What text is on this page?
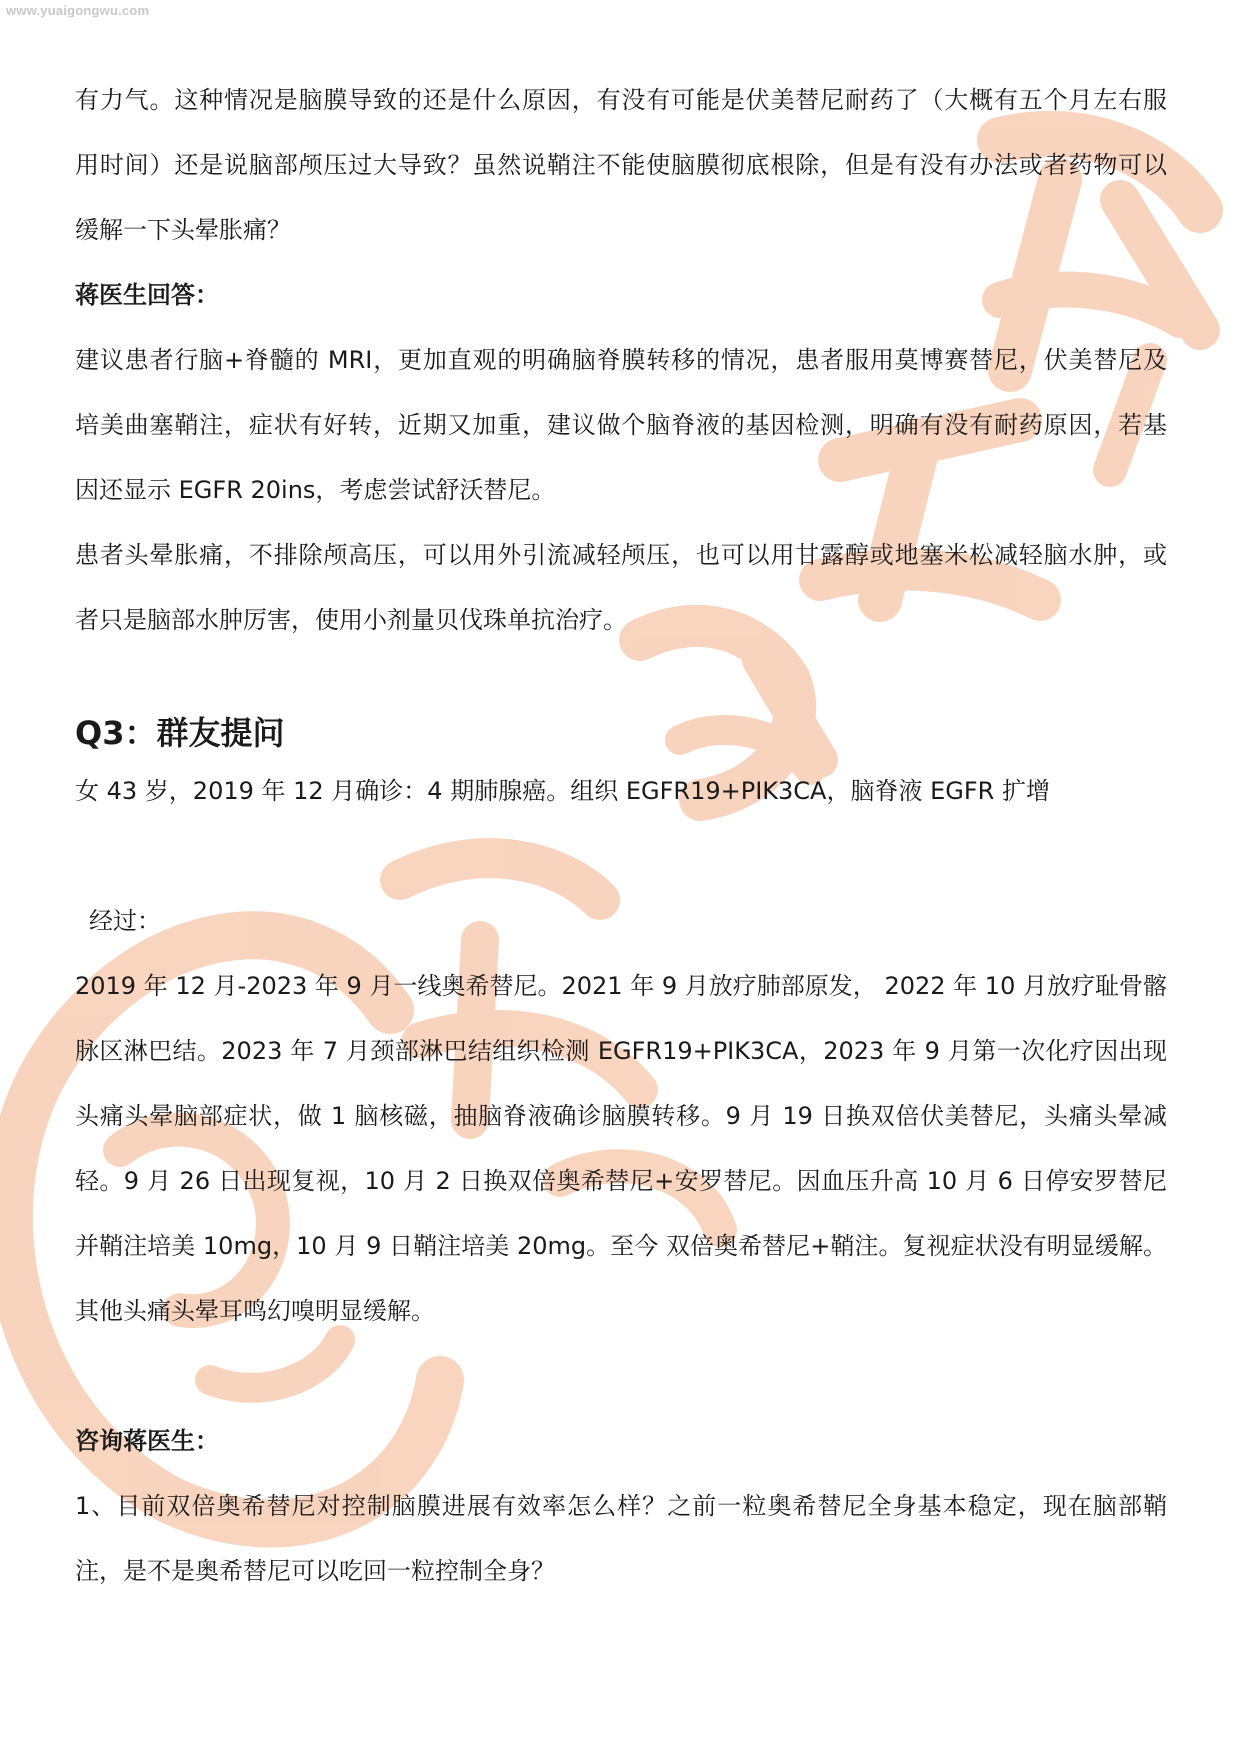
www.yuaigongwu.com
有力气。这种情况是脑膜导致的还是什么原因，有没有可能是伏美替尼耐药了（大概有五个月左右服
用时间）还是说脑部颅压过大导致？虽然说鞘注不能使脑膜彻底根除，但是有没有办法或者药物可以
缓解一下头晕胀痛？
蒋医生回答：
建议患者行脑+脊髓的 MRI，更加直观的明确脑脊膜转移的情况，患者服用莫博赛替尼，伏美替尼及
培美曲塞鞘注，症状有好转，近期又加重，建议做个脑脊液的基因检测，明确有没有耐药原因，若基
因还显示 EGFR 20ins，考虑尝试舒沃替尼。
患者头晕胀痛，不排除颅高压，可以用外引流减轻颅压，也可以用甘露醇或地塞米松减轻脑水肿，或
者只是脑部水肿厉害，使用小剂量贝伐珠单抗治疗。
Q3：群友提问
女 43 岁，2019 年 12 月确诊：4 期肺腺癌。组织 EGFR19+PIK3CA，脑脊液 EGFR 扩增
经过：
2019 年 12 月-2023 年 9 月一线奥希替尼。2021 年 9 月放疗肺部原发， 2022 年 10 月放疗耻骨髂
脉区淋巴结。2023 年 7 月颈部淋巴结组织检测 EGFR19+PIK3CA，2023 年 9 月第一次化疗因出现
头痛头晕脑部症状，做 1 脑核磁，抽脑脊液确诊脑膜转移。9 月 19 日换双倍伏美替尼，头痛头晕减
轻。9 月 26 日出现复视，10 月 2 日换双倍奥希替尼+安罗替尼。因血压升高 10 月 6 日停安罗替尼
并鞘注培美 10mg，10 月 9 日鞘注培美 20mg。至今 双倍奥希替尼+鞘注。复视症状没有明显缓解。
其他头痛头晕耳鸣幻嗅明显缓解。
咨询蒋医生：
1、目前双倍奥希替尼对控制脑膜进展有效率怎么样？之前一粒奥希替尼全身基本稳定，现在脑部鞘
注，是不是奥希替尼可以吃回一粒控制全身？
